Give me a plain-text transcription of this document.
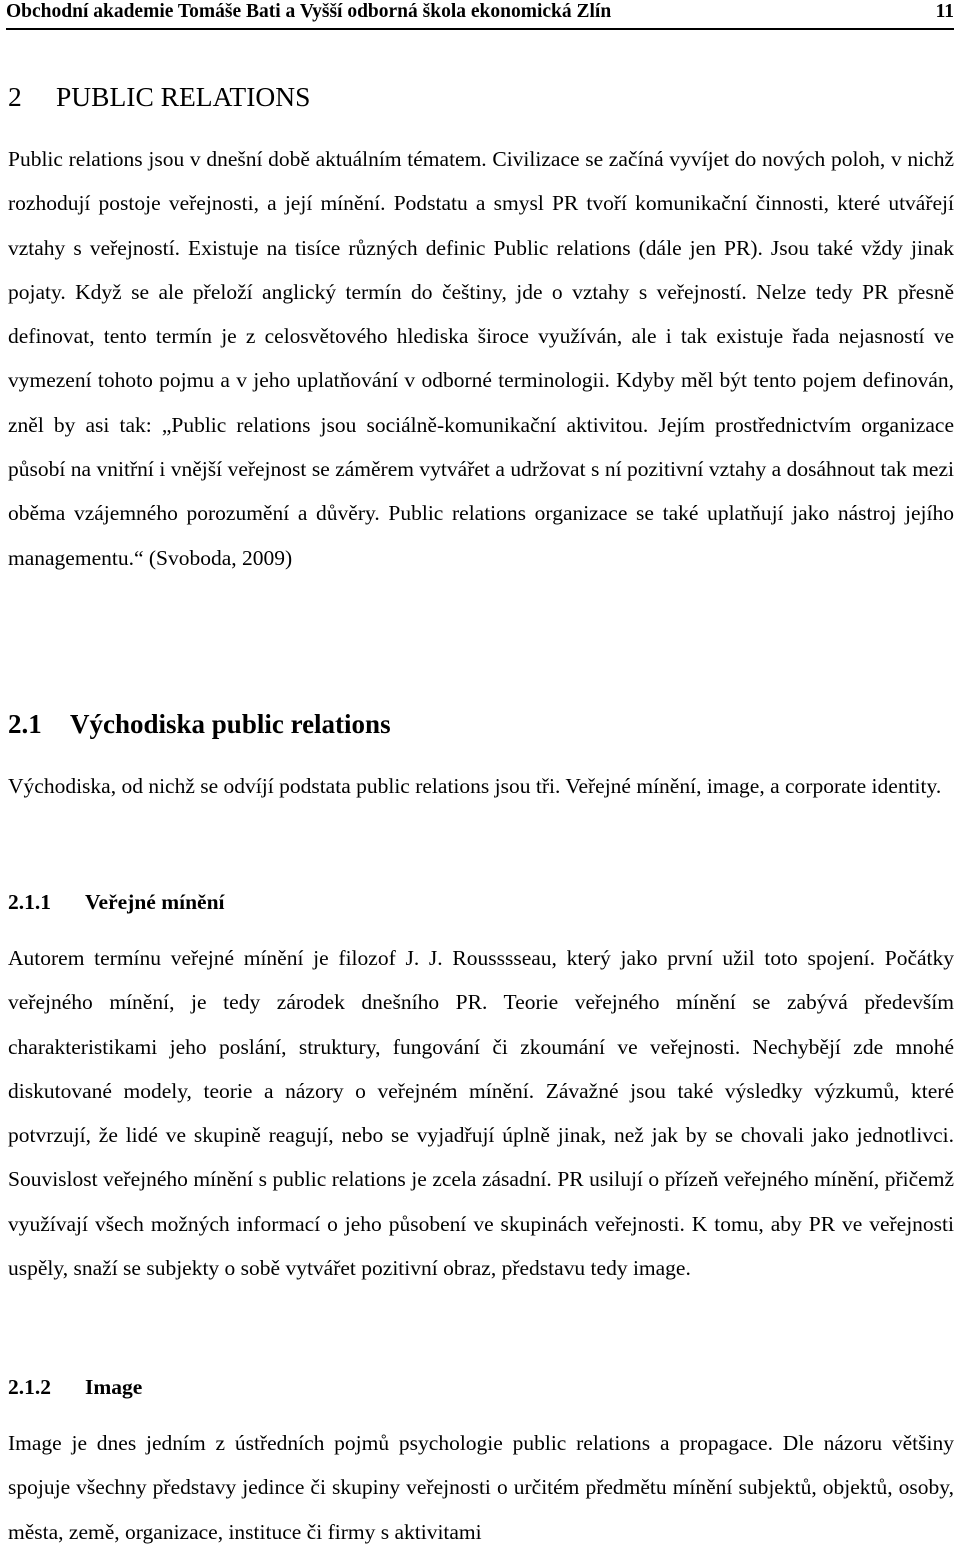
Obchodní akademie Tomáše Bati a Vyšší odborná škola ekonomická Zlín	11
2	PUBLIC RELATIONS

Public relations jsou v dnešní době aktuálním tématem. Civilizace se začíná vyvíjet do nových poloh, v nichž rozhodují postoje veřejnosti, a její mínění. Podstatu a smysl PR tvoří komunikační činnosti, které utvářejí vztahy s veřejností. Existuje na tisíce různých definic Public relations (dále jen PR). Jsou také vždy jinak pojaty. Když se ale přeloží anglický termín do češtiny, jde o vztahy s veřejností. Nelze tedy PR přesně definovat, tento termín je z celosvětového hlediska široce využíván, ale i tak existuje řada nejasností ve vymezení tohoto pojmu a v jeho uplatňování v odborné terminologii. Kdyby měl být tento pojem definován, zněl by asi tak: „Public relations jsou sociálně-komunikační aktivitou. Jejím prostřednictvím organizace působí na vnitřní i vnější veřejnost se záměrem vytvářet a udržovat s ní pozitivní vztahy a dosáhnout tak mezi oběma vzájemného porozumění a důvěry. Public relations organizace se také uplatňují jako nástroj jejího managementu.“ (Svoboda, 2009)

2.1	Východiska public relations

Východiska, od nichž se odvíjí podstata public relations jsou tři. Veřejné mínění, image, a corporate identity.

2.1.1	Veřejné mínění

Autorem termínu veřejné mínění je filozof J. J. Rousssseau, který jako první užil toto spojení. Počátky veřejného mínění, je tedy zárodek dnešního PR. Teorie veřejného mínění se zabývá především charakteristikami jeho poslání, struktury, fungování či zkoumání ve veřejnosti. Nechybějí zde mnohé diskutované modely, teorie a názory o veřejném mínění. Závažné jsou také výsledky výzkumů, které potvrzují, že lidé ve skupině reagují, nebo se vyjadřují úplně jinak, než jak by se chovali jako jednotlivci. Souvislost veřejného mínění s public relations je zcela zásadní. PR usilují o přízeň veřejného mínění, přičemž využívají všech možných informací o jeho působení ve skupinách veřejnosti. K tomu, aby PR ve veřejnosti uspěly, snaží se subjekty o sobě vytvářet pozitivní obraz, představu tedy image.

2.1.2	Image

Image je dnes jedním z ústředních pojmů psychologie public relations a propagace. Dle názoru většiny spojuje všechny představy jedince či skupiny veřejnosti o určitém předmětu mínění subjektů, objektů, osoby, města, země, organizace, instituce či firmy s aktivitami
